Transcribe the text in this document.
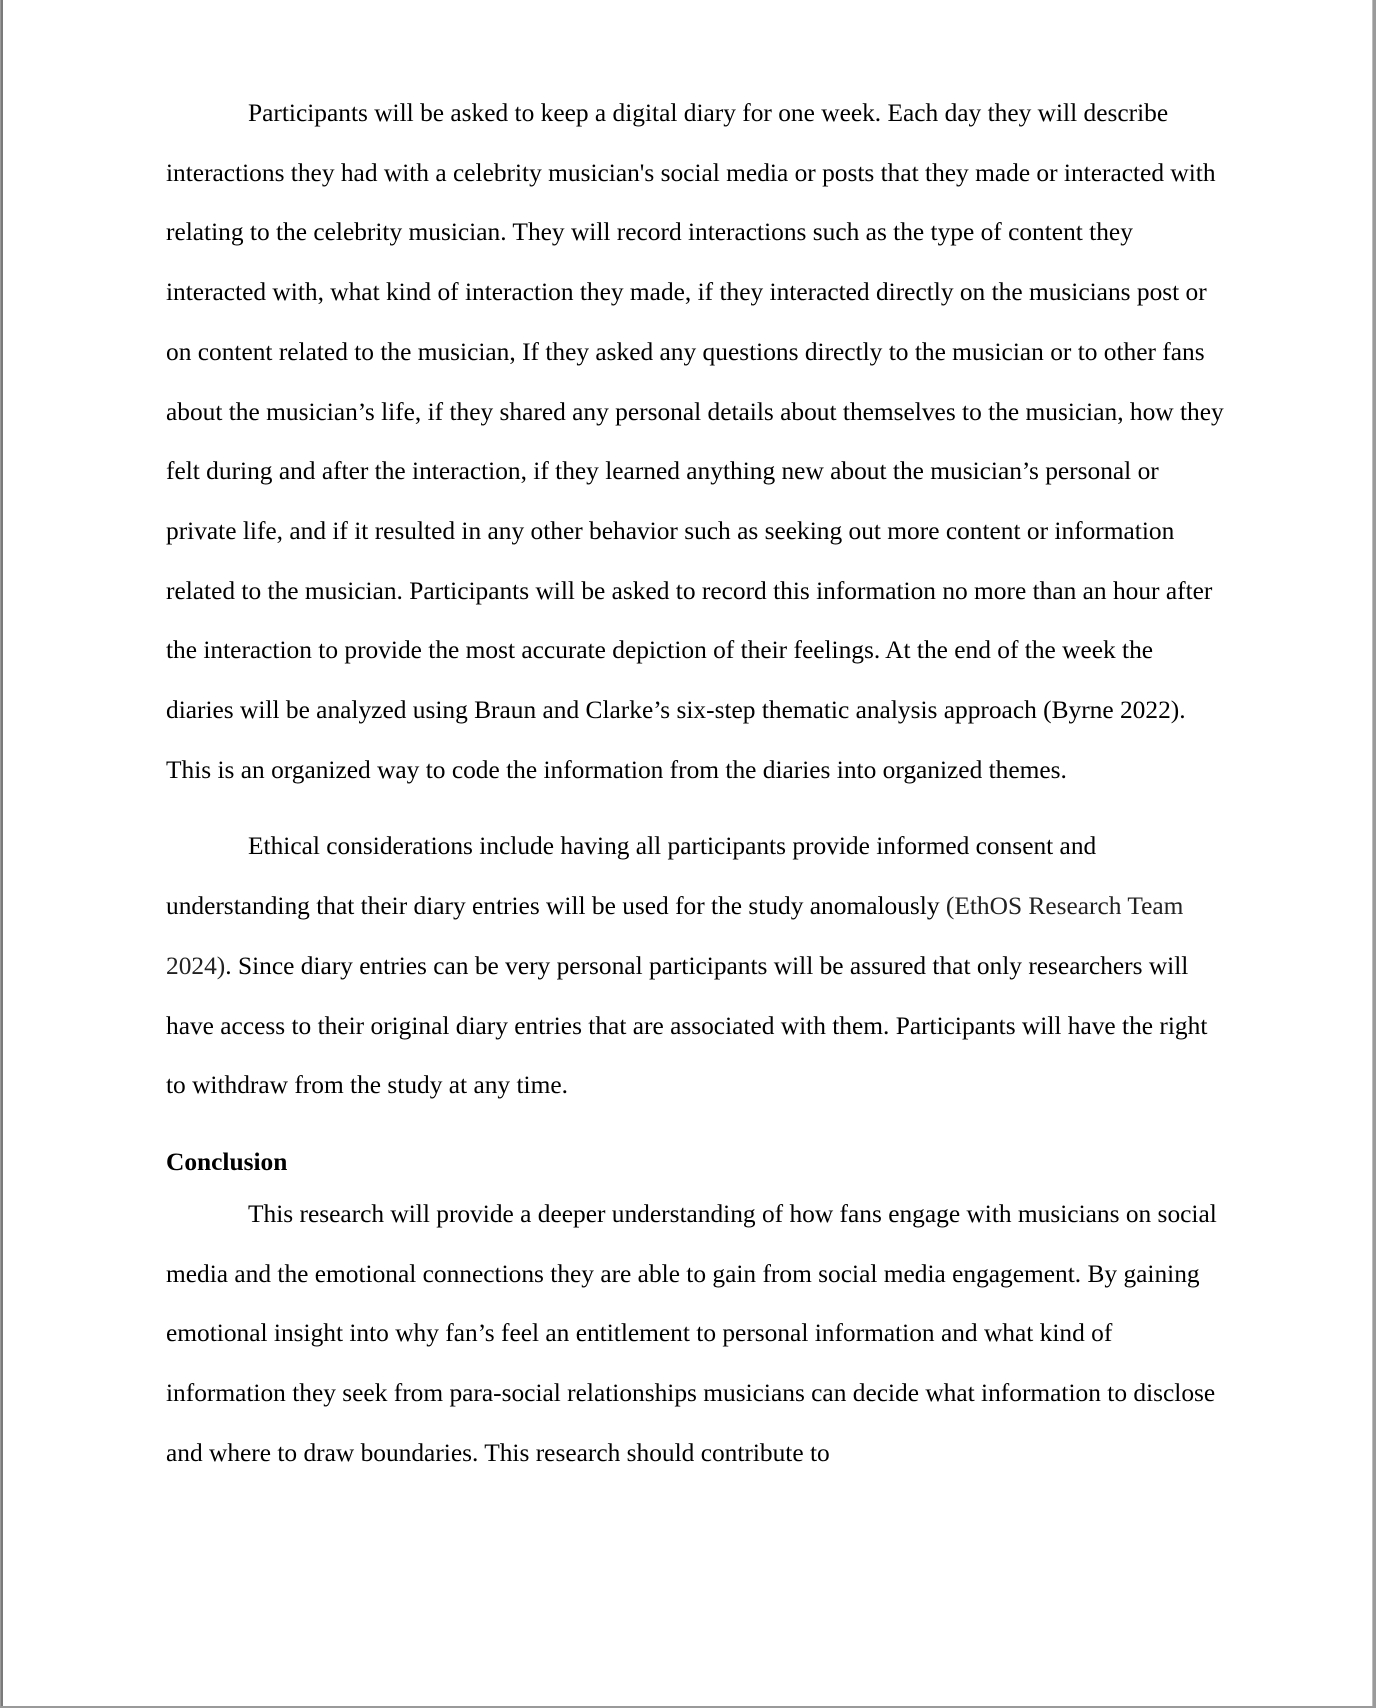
Participants will be asked to keep a digital diary for one week. Each day they will describe interactions they had with a celebrity musician's social media or posts that they made or interacted with relating to the celebrity musician. They will record interactions such as the type of content they interacted with, what kind of interaction they made, if they interacted directly on the musicians post or on content related to the musician, If they asked any questions directly to the musician or to other fans about the musician’s life, if they shared any personal details about themselves to the musician, how they felt during and after the interaction, if they learned anything new about the musician’s personal or private life, and if it resulted in any other behavior such as seeking out more content or information related to the musician. Participants will be asked to record this information no more than an hour after the interaction to provide the most accurate depiction of their feelings. At the end of the week the diaries will be analyzed using Braun and Clarke’s six-step thematic analysis approach (Byrne 2022). This is an organized way to code the information from the diaries into organized themes.

Ethical considerations include having all participants provide informed consent and understanding that their diary entries will be used for the study anomalously (EthOS Research Team 2024). Since diary entries can be very personal participants will be assured that only researchers will have access to their original diary entries that are associated with them. Participants will have the right to withdraw from the study at any time.

Conclusion

This research will provide a deeper understanding of how fans engage with musicians on social media and the emotional connections they are able to gain from social media engagement. By gaining emotional insight into why fan’s feel an entitlement to personal information and what kind of information they seek from para-social relationships musicians can decide what information to disclose and where to draw boundaries. This research should contribute to
